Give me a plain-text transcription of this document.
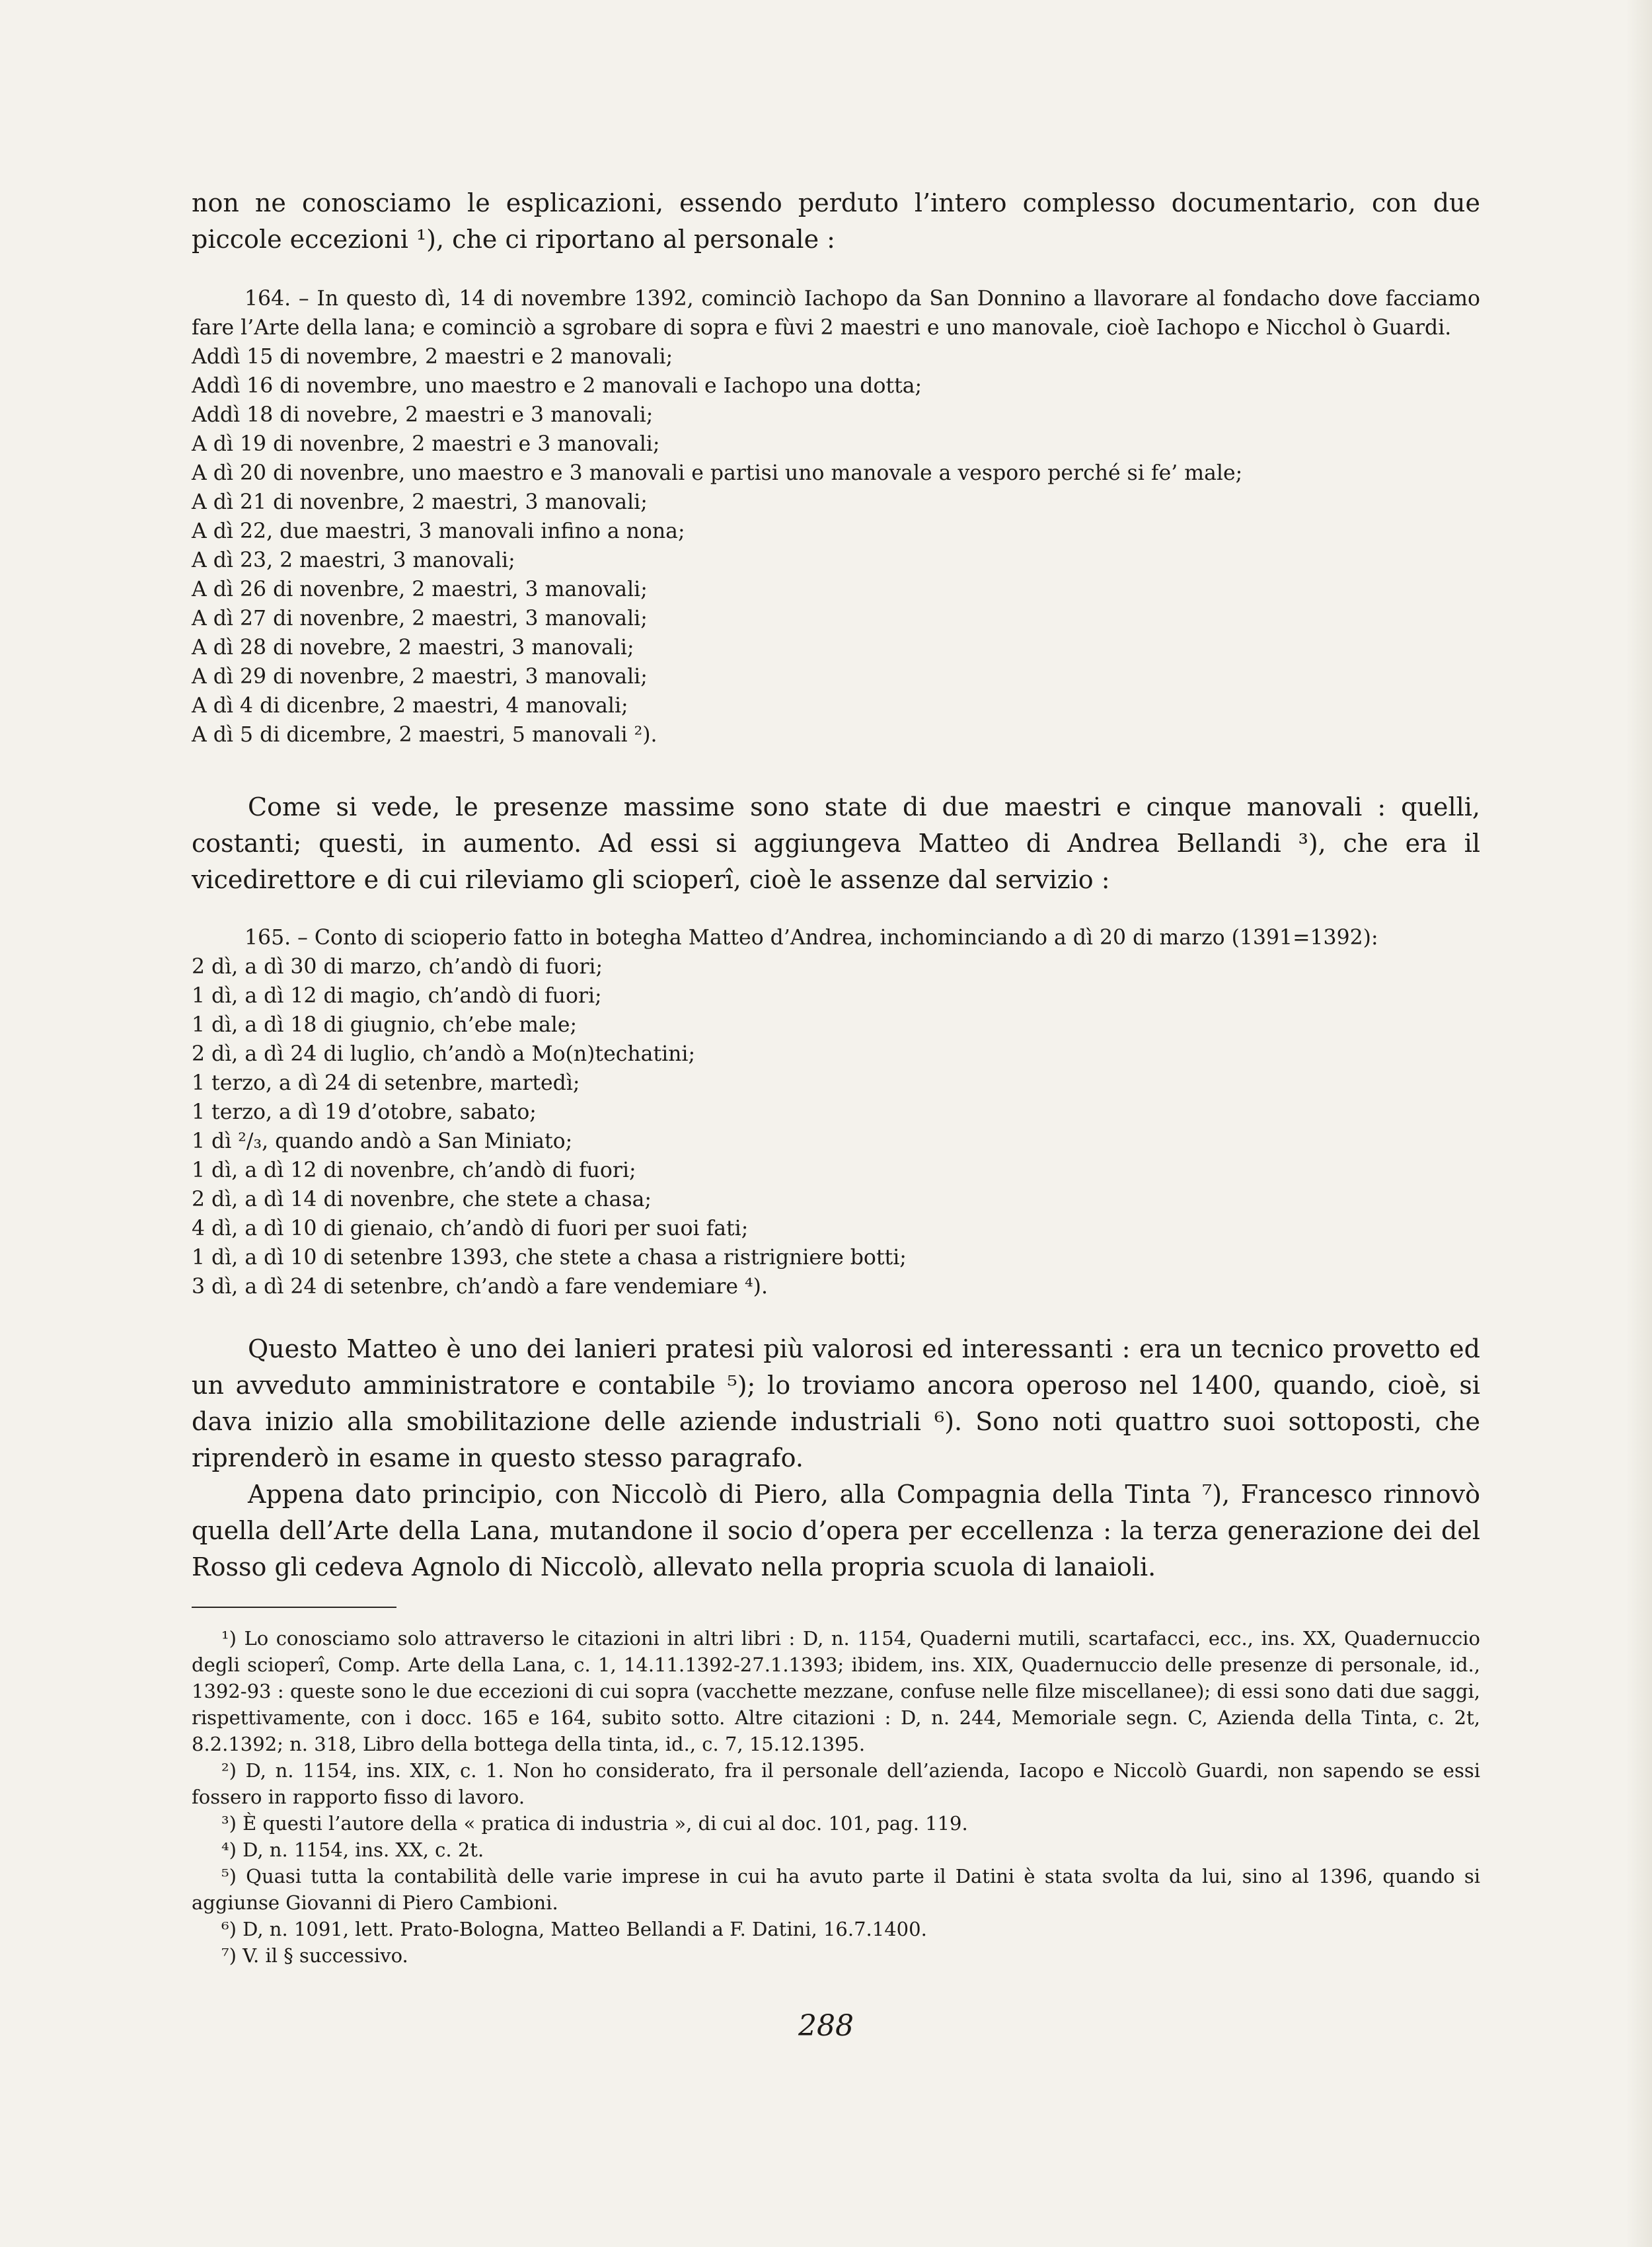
non ne conosciamo le esplicazioni, essendo perduto l’intero complesso documentario, con due piccole eccezioni ¹), che ci riportano al personale :

164. – In questo dì, 14 di novembre 1392, cominciò Iachopo da San Donnino a llavorare al fondacho dove facciamo fare l’Arte della lana; e cominciò a sgrobare di sopra e fùvi 2 maestri e uno manovale, cioè Iachopo e Nicchol ò Guardi.

Addì 15 di novembre, 2 maestri e 2 manovali;
Addì 16 di novembre, uno maestro e 2 manovali e Iachopo una dotta;
Addì 18 di novebre, 2 maestri e 3 manovali;
A dì 19 di novenbre, 2 maestri e 3 manovali;
A dì 20 di novenbre, uno maestro e 3 manovali e partisi uno manovale a vesporo perché si fe’ male;
A dì 21 di novenbre, 2 maestri, 3 manovali;
A dì 22, due maestri, 3 manovali infino a nona;
A dì 23, 2 maestri, 3 manovali;
A dì 26 di novenbre, 2 maestri, 3 manovali;
A dì 27 di novenbre, 2 maestri, 3 manovali;
A dì 28 di novebre, 2 maestri, 3 manovali;
A dì 29 di novenbre, 2 maestri, 3 manovali;
A dì 4 di dicenbre, 2 maestri, 4 manovali;
A dì 5 di dicembre, 2 maestri, 5 manovali ²).

Come si vede, le presenze massime sono state di due maestri e cinque manovali : quelli, costanti; questi, in aumento. Ad essi si aggiungeva Matteo di Andrea Bellandi ³), che era il vicedirettore e di cui rileviamo gli scioperî, cioè le assenze dal servizio :

165. – Conto di scioperio fatto in botegha Matteo d’Andrea, inchominciando a dì 20 di marzo (1391=1392):
2 dì, a dì 30 di marzo, ch’andò di fuori;
1 dì, a dì 12 di magio, ch’andò di fuori;
1 dì, a dì 18 di giugnio, ch’ebe male;
2 dì, a dì 24 di luglio, ch’andò a Mo(n)techatini;
1 terzo, a dì 24 di setenbre, martedì;
1 terzo, a dì 19 d’otobre, sabato;
1 dì ²/₃, quando andò a San Miniato;
1 dì, a dì 12 di novenbre, ch’andò di fuori;
2 dì, a dì 14 di novenbre, che stete a chasa;
4 dì, a dì 10 di gienaio, ch’andò di fuori per suoi fati;
1 dì, a dì 10 di setenbre 1393, che stete a chasa a ristrigniere botti;
3 dì, a dì 24 di setenbre, ch’andò a fare vendemiare ⁴).

Questo Matteo è uno dei lanieri pratesi più valorosi ed interessanti : era un tecnico provetto ed un avveduto amministratore e contabile ⁵); lo troviamo ancora operoso nel 1400, quando, cioè, si dava inizio alla smobilitazione delle aziende industriali ⁶). Sono noti quattro suoi sottoposti, che riprenderò in esame in questo stesso paragrafo.

Appena dato principio, con Niccolò di Piero, alla Compagnia della Tinta ⁷), Francesco rinnovò quella dell’Arte della Lana, mutandone il socio d’opera per eccellenza : la terza generazione dei del Rosso gli cedeva Agnolo di Niccolò, allevato nella propria scuola di lanaioli.

¹) Lo conosciamo solo attraverso le citazioni in altri libri : D, n. 1154, Quaderni mutili, scartafacci, ecc., ins. XX, Quadernuccio degli scioperî, Comp. Arte della Lana, c. 1, 14.11.1392-27.1.1393; ibidem, ins. XIX, Quadernuccio delle presenze di personale, id., 1392-93 : queste sono le due eccezioni di cui sopra (vacchette mezzane, confuse nelle filze miscellanee); di essi sono dati due saggi, rispettivamente, con i docc. 165 e 164, subito sotto. Altre citazioni : D, n. 244, Memoriale segn. C, Azienda della Tinta, c. 2t, 8.2.1392; n. 318, Libro della bottega della tinta, id., c. 7, 15.12.1395.

²) D, n. 1154, ins. XIX, c. 1. Non ho considerato, fra il personale dell’azienda, Iacopo e Niccolò Guardi, non sapendo se essi fossero in rapporto fisso di lavoro.

³) È questi l’autore della « pratica di industria », di cui al doc. 101, pag. 119.

⁴) D, n. 1154, ins. XX, c. 2t.

⁵) Quasi tutta la contabilità delle varie imprese in cui ha avuto parte il Datini è stata svolta da lui, sino al 1396, quando si aggiunse Giovanni di Piero Cambioni.

⁶) D, n. 1091, lett. Prato-Bologna, Matteo Bellandi a F. Datini, 16.7.1400.

⁷) V. il § successivo.

288
